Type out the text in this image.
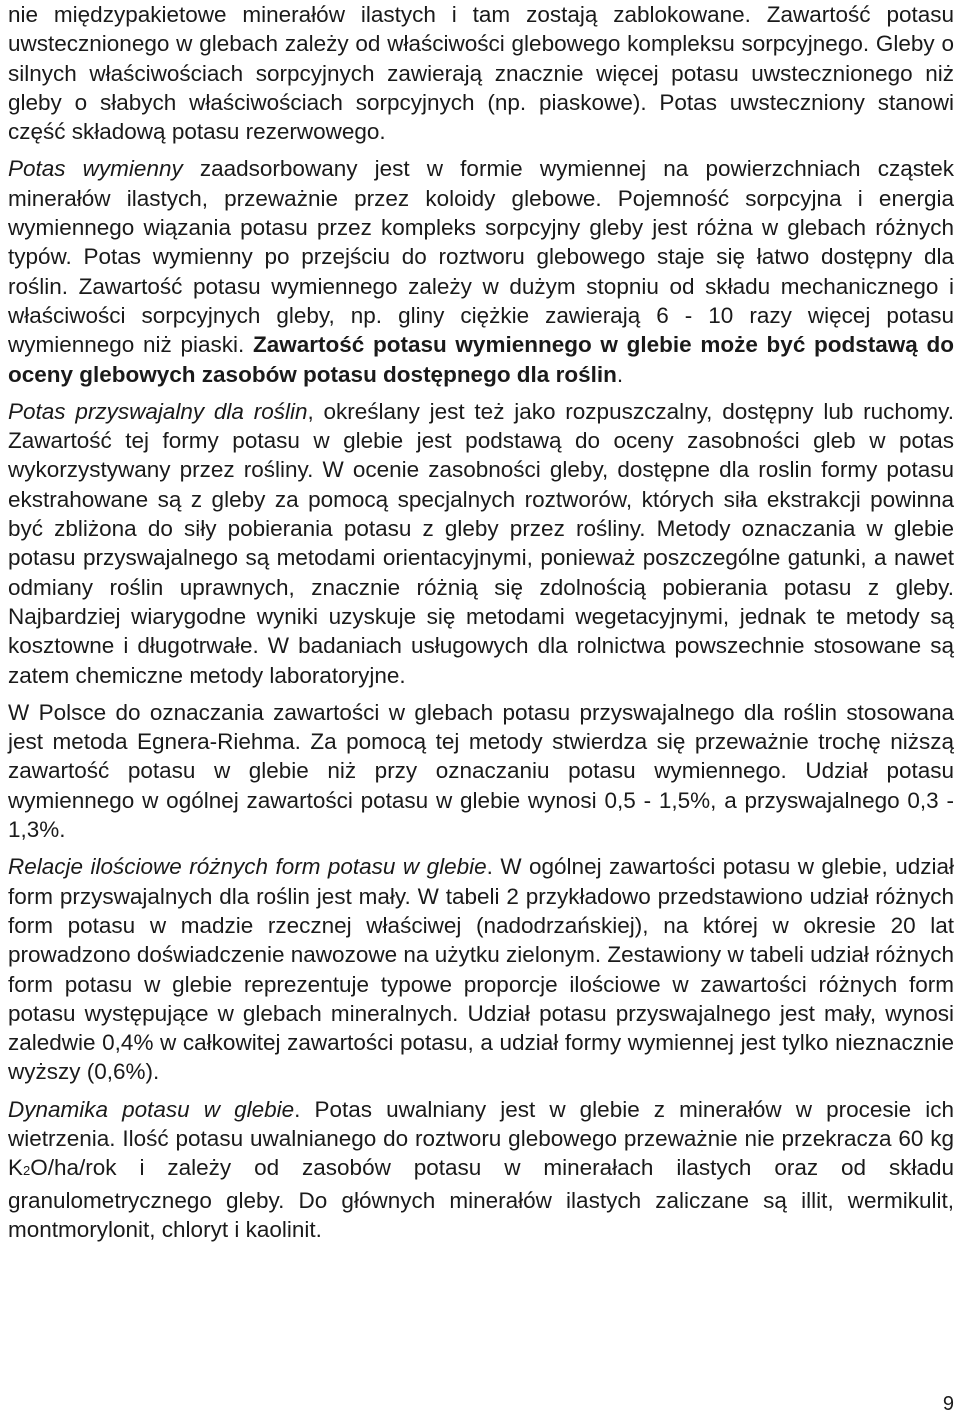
nie międzypakietowe minerałów ilastych i tam zostają zablokowane. Zawartość potasu uwstecznionego w glebach zależy od właściwości glebowego kompleksu sorpcyjnego. Gleby o silnych właściwościach sorpcyjnych zawierają znacznie więcej potasu uwstecznionego niż gleby o słabych właściwościach sorpcyjnych (np. piaskowe). Potas uwsteczniony stanowi część składową potasu rezerwowego.

Potas wymienny zaadsorbowany jest w formie wymiennej na powierzchniach cząstek minerałów ilastych, przeważnie przez koloidy glebowe. Pojemność sorpcyjna i energia wymiennego wiązania potasu przez kompleks sorpcyjny gleby jest różna w glebach różnych typów. Potas wymienny po przejściu do roztworu glebowego staje się łatwo dostępny dla roślin. Zawartość potasu wymiennego zależy w dużym stopniu od składu mechanicznego i właściwości sorpcyjnych gleby, np. gliny ciężkie zawierają 6 - 10 razy więcej potasu wymiennego niż piaski. Zawartość potasu wymiennego w glebie może być podstawą do oceny glebowych zasobów potasu dostępnego dla roślin.

Potas przyswajalny dla roślin, określany jest też jako rozpuszczalny, dostępny lub ruchomy. Zawartość tej formy potasu w glebie jest podstawą do oceny zasobności gleb w potas wykorzystywany przez rośliny. W ocenie zasobności gleby, dostępne dla roslin formy potasu ekstrahowane są z gleby za pomocą specjalnych roztworów, których siła ekstrakcji powinna być zbliżona do siły pobierania potasu z gleby przez rośliny. Metody oznaczania w glebie potasu przyswajalnego są metodami orientacyjnymi, ponieważ poszczególne gatunki, a nawet odmiany roślin uprawnych, znacznie różnią się zdolnością pobierania potasu z gleby. Najbardziej wiarygodne wyniki uzyskuje się metodami wegetacyjnymi, jednak te metody są kosztowne i długotrwałe. W badaniach usługowych dla rolnictwa powszechnie stosowane są zatem chemiczne metody laboratoryjne.

W Polsce do oznaczania zawartości w glebach potasu przyswajalnego dla roślin stosowana jest metoda Egnera-Riehma. Za pomocą tej metody stwierdza się przeważnie trochę niższą zawartość potasu w glebie niż przy oznaczaniu potasu wymiennego. Udział potasu wymiennego w ogólnej zawartości potasu w glebie wynosi 0,5 - 1,5%, a przyswajalnego 0,3 - 1,3%.

Relacje ilościowe różnych form potasu w glebie. W ogólnej zawartości potasu w glebie, udział form przyswajalnych dla roślin jest mały. W tabeli 2 przykładowo przedstawiono udział różnych form potasu w madzie rzecznej właściwej (nadodrzańskiej), na której w okresie 20 lat prowadzono doświadczenie nawozowe na użytku zielonym. Zestawiony w tabeli udział różnych form potasu w glebie reprezentuje typowe proporcje ilościowe w zawartości różnych form potasu występujące w glebach mineralnych. Udział potasu przyswajalnego jest mały, wynosi zaledwie 0,4% w całkowitej zawartości potasu, a udział formy wymiennej jest tylko nieznacznie wyższy (0,6%).

Dynamika potasu w glebie. Potas uwalniany jest w glebie z minerałów w procesie ich wietrzenia. Ilość potasu uwalnianego do roztworu glebowego przeważnie nie przekracza 60 kg K2O/ha/rok i zależy od zasobów potasu w minerałach ilastych oraz od składu granulometrycznego gleby. Do głównych minerałów ilastych zaliczane są illit, wermikulit, montmorylonit, chloryt i kaolinit.

9
